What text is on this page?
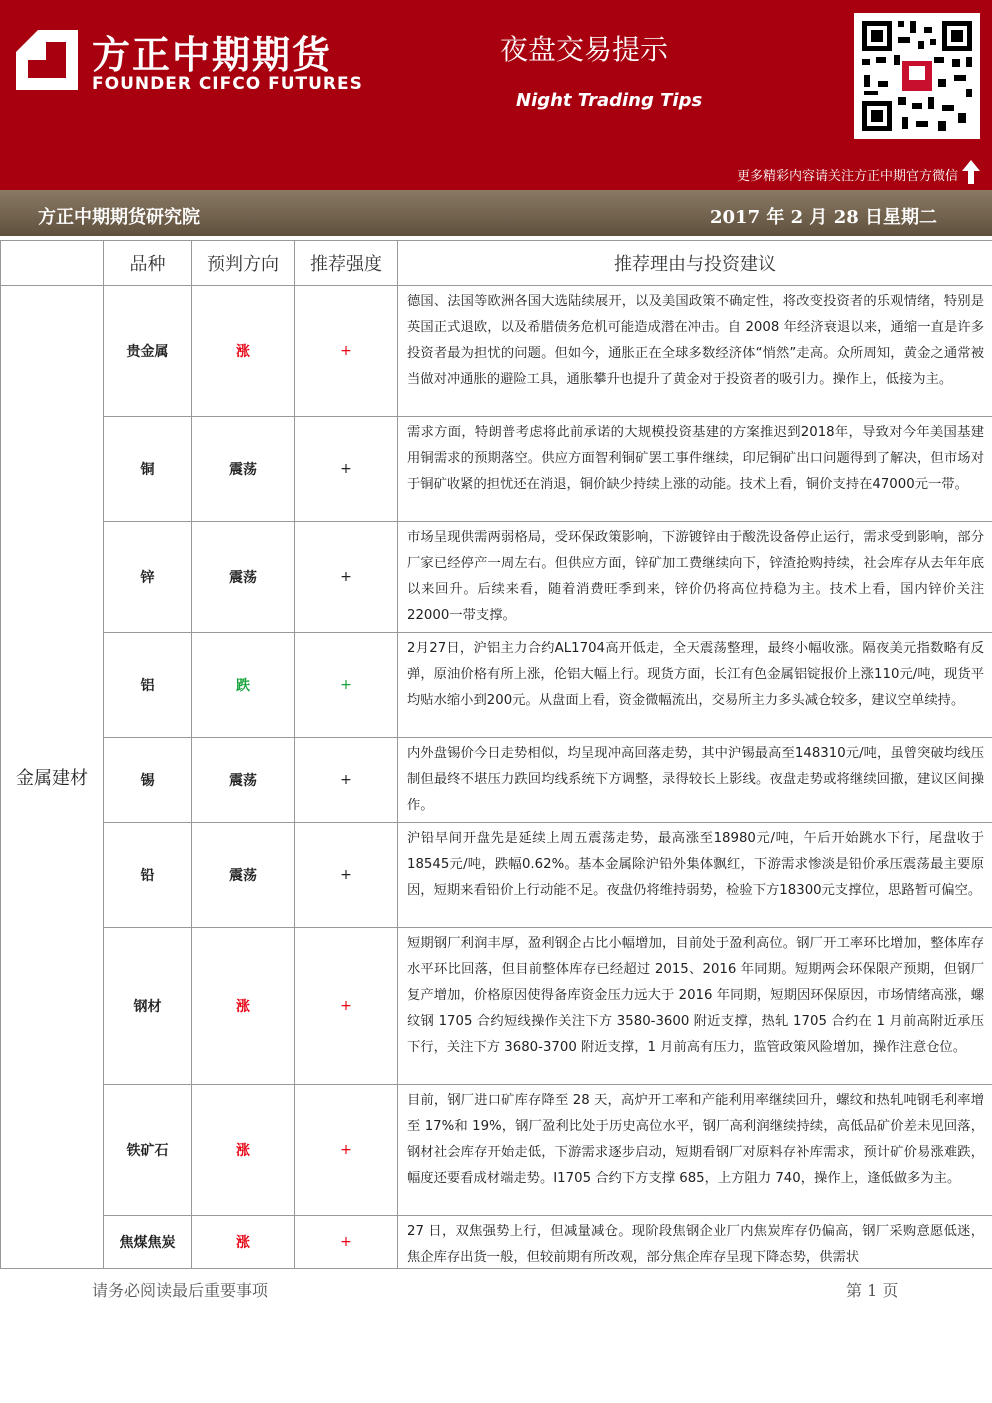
方正中期期货
FOUNDER CIFCO FUTURES
夜盘交易提示
Night Trading Tips
更多精彩内容请关注方正中期官方微信
方正中期期货研究院	2017 年 2 月 28 日星期二
	品种	预判方向	推荐强度	推荐理由与投资建议
金属建材	贵金属	涨	+	德国、法国等欧洲各国大选陆续展开，以及美国政策不确定性，将改变投资者的乐观情绪，特别是英国正式退欧，以及希腊债务危机可能造成潜在冲击。自 2008 年经济衰退以来，通缩一直是许多投资者最为担忧的问题。但如今，通胀正在全球多数经济体“悄然”走高。众所周知，黄金之通常被当做对冲通胀的避险工具，通胀攀升也提升了黄金对于投资者的吸引力。操作上，低接为主。
	铜	震荡	+	需求方面，特朗普考虑将此前承诺的大规模投资基建的方案推迟到2018年，导致对今年美国基建用铜需求的预期落空。供应方面智利铜矿罢工事件继续，印尼铜矿出口问题得到了解决，但市场对于铜矿收紧的担忧还在消退，铜价缺少持续上涨的动能。技术上看，铜价支持在47000元一带。
	锌	震荡	+	市场呈现供需两弱格局，受环保政策影响，下游镀锌由于酸洗设备停止运行，需求受到影响，部分厂家已经停产一周左右。但供应方面，锌矿加工费继续向下，锌渣抢购持续，社会库存从去年年底以来回升。后续来看，随着消费旺季到来，锌价仍将高位持稳为主。技术上看，国内锌价关注22000一带支撑。
	铝	跌	+	2月27日，沪铝主力合约AL1704高开低走，全天震荡整理，最终小幅收涨。隔夜美元指数略有反弹，原油价格有所上涨，伦铝大幅上行。现货方面，长江有色金属铝锭报价上涨110元/吨，现货平均贴水缩小到200元。从盘面上看，资金微幅流出，交易所主力多头减仓较多，建议空单续持。
	锡	震荡	+	内外盘锡价今日走势相似，均呈现冲高回落走势，其中沪锡最高至148310元/吨，虽曾突破均线压制但最终不堪压力跌回均线系统下方调整，录得较长上影线。夜盘走势或将继续回撤，建议区间操作。
	铅	震荡	+	沪铅早间开盘先是延续上周五震荡走势，最高涨至18980元/吨，午后开始跳水下行，尾盘收于18545元/吨，跌幅0.62%。基本金属除沪铅外集体飘红，下游需求惨淡是铅价承压震荡最主要原因，短期来看铅价上行动能不足。夜盘仍将维持弱势，检验下方18300元支撑位，思路暂可偏空。
	钢材	涨	+	短期钢厂利润丰厚，盈利钢企占比小幅增加，目前处于盈利高位。钢厂开工率环比增加，整体库存水平环比回落，但目前整体库存已经超过 2015、2016 年同期。短期两会环保限产预期，但钢厂复产增加，价格原因使得备库资金压力远大于 2016 年同期，短期因环保原因，市场情绪高涨，螺纹钢 1705 合约短线操作关注下方 3580-3600 附近支撑，热轧 1705 合约在 1 月前高附近承压下行，关注下方 3680-3700 附近支撑，1 月前高有压力，监管政策风险增加，操作注意仓位。
	铁矿石	涨	+	目前，钢厂进口矿库存降至 28 天，高炉开工率和产能利用率继续回升，螺纹和热轧吨钢毛利率增至 17%和 19%，钢厂盈利比处于历史高位水平，钢厂高利润继续持续，高低品矿价差未见回落，钢材社会库存开始走低，下游需求逐步启动，短期看钢厂对原料存补库需求，预计矿价易涨难跌，幅度还要看成材端走势。I1705 合约下方支撑 685，上方阻力 740，操作上，逢低做多为主。
	焦煤焦炭	涨	+	27 日，双焦强势上行，但减量减仓。现阶段焦钢企业厂内焦炭库存仍偏高，钢厂采购意愿低迷，焦企库存出货一般，但较前期有所改观，部分焦企库存呈现下降态势，供需状
请务必阅读最后重要事项	第 1 页
